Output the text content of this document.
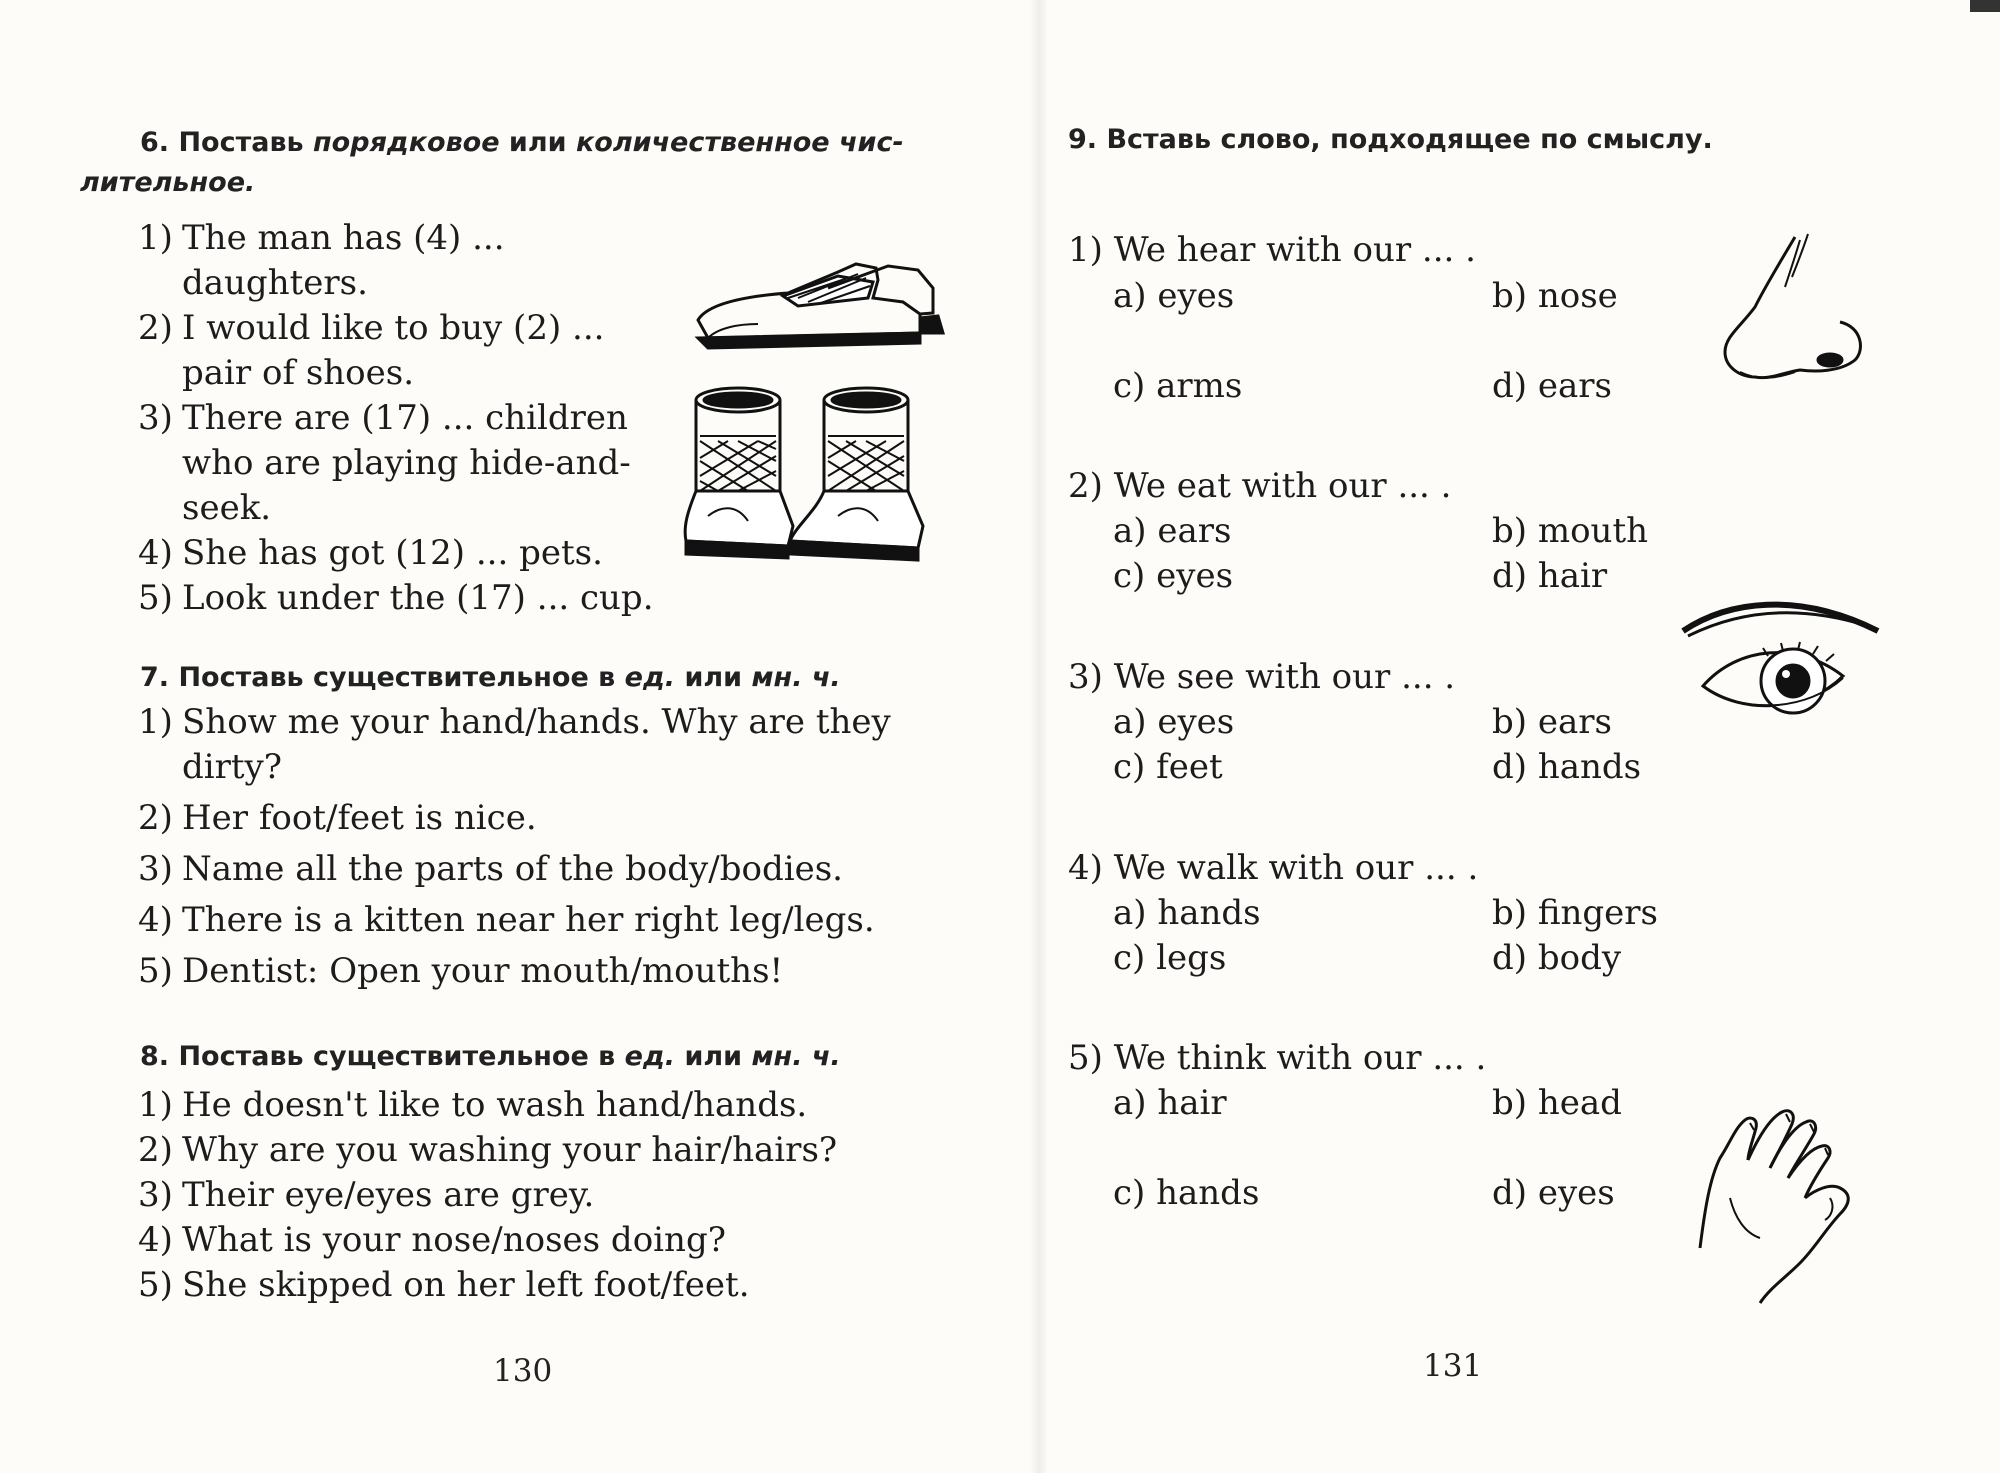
6. Поставь порядковое или количественное чис-
лительное.
1) The man has (4) ...
daughters.
2) I would like to buy (2) ...
pair of shoes.
3) There are (17) ... children
who are playing hide-and-
seek.
4) She has got (12) ... pets.
5) Look under the (17) ... cup.
7. Поставь существительное в ед. или мн. ч.
1) Show me your hand/hands. Why are they
dirty?
2) Her foot/feet is nice.
3) Name all the parts of the body/bodies.
4) There is a kitten near her right leg/legs.
5) Dentist: Open your mouth/mouths!
8. Поставь существительное в ед. или мн. ч.
1) He doesn't like to wash hand/hands.
2) Why are you washing your hair/hairs?
3) Their eye/eyes are grey.
4) What is your nose/noses doing?
5) She skipped on her left foot/feet.
130
9. Вставь слово, подходящее по смыслу.
1) We hear with our ... .
a) eyes	b) nose
c) arms	d) ears
2) We eat with our ... .
a) ears	b) mouth
c) eyes	d) hair
3) We see with our ... .
a) eyes	b) ears
c) feet	d) hands
4) We walk with our ... .
a) hands	b) fingers
c) legs	d) body
5) We think with our ... .
a) hair	b) head
c) hands	d) eyes
131
